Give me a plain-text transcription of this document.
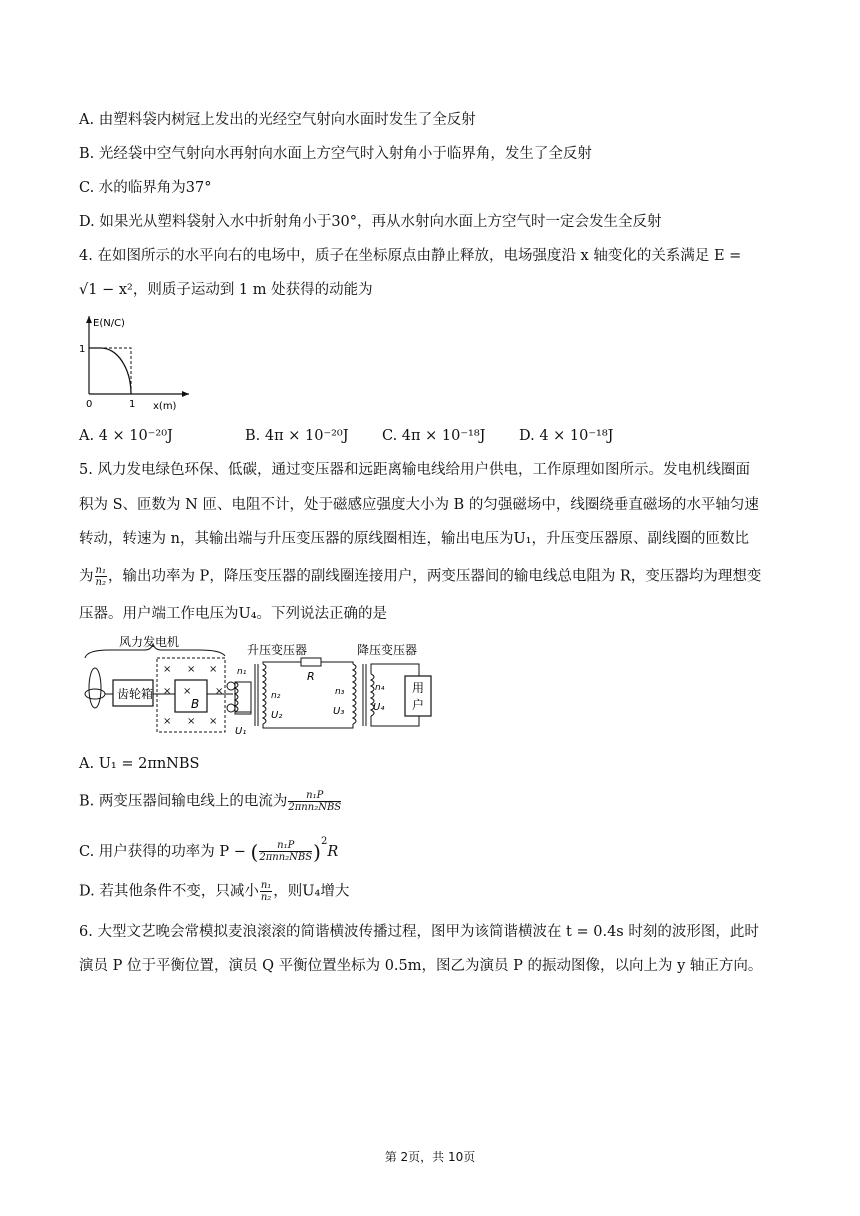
A. 由塑料袋内树冠上发出的光经空气射向水面时发生了全反射
B. 光经袋中空气射向水再射向水面上方空气时入射角小于临界角，发生了全反射
C. 水的临界角为37°
D. 如果光从塑料袋射入水中折射角小于30°，再从水射向水面上方空气时一定会发生全反射
4. 在如图所示的水平向右的电场中，质子在坐标原点由静止释放，电场强度沿 x 轴变化的关系满足 E =
√1 − x²，则质子运动到 1 m 处获得的动能为
E(N/C)
1
0	1 x(m)
A. 4 × 10⁻²⁰J	B. 4π × 10⁻²⁰J C. 4π × 10⁻¹⁸J D. 4 × 10⁻¹⁸J
5. 风力发电绿色环保、低碳，通过变压器和远距离输电线给用户供电，工作原理如图所示。发电机线圈面
积为 S、匝数为 N 匝、电阻不计，处于磁感应强度大小为 B 的匀强磁场中，线圈绕垂直磁场的水平轴匀速
转动，转速为 n，其输出端与升压变压器的原线圈相连，输出电压为U₁，升压变压器原、副线圈的匝数比
为 $\frac{\text{n₁}}{\text{n₂}}$ ，输出功率为 P，降压变压器的副线圈连接用户，两变压器间的输电线总电阻为 R，变压器均为理想变
压器。用户端工作电压为U₄。下列说法正确的是
风力发电机
齿轮箱
× × ×
× × ×
× × ×
B
n₁
U₁
升压变压器
n₂
U₂
R
n₃
U₃
降压变压器
n₄
U₄
用
户
用户
A. U₁ = 2πnNBS
B. 两变压器间输电线上的电流为 $\frac{\text{n₁P}}{\text{2πnn₂NBS}}$
C. 用户获得的功率为 P − ( $\frac{\text{n₁P}}{\text{2πnn₂NBS}} )^2R$
D. 若其他条件不变，只减小 $\frac{\text{n₁}}{\text{n₂}}$ ，则U₄增大
6. 大型文艺晚会常模拟麦浪滚滚的简谐横波传播过程，图甲为该简谐横波在 t = 0.4s 时刻的波形图，此时
演员 P 位于平衡位置，演员 Q 平衡位置坐标为 0.5m，图乙为演员 P 的振动图像，以向上为 y 轴正方向。
第 2页，共 10页
